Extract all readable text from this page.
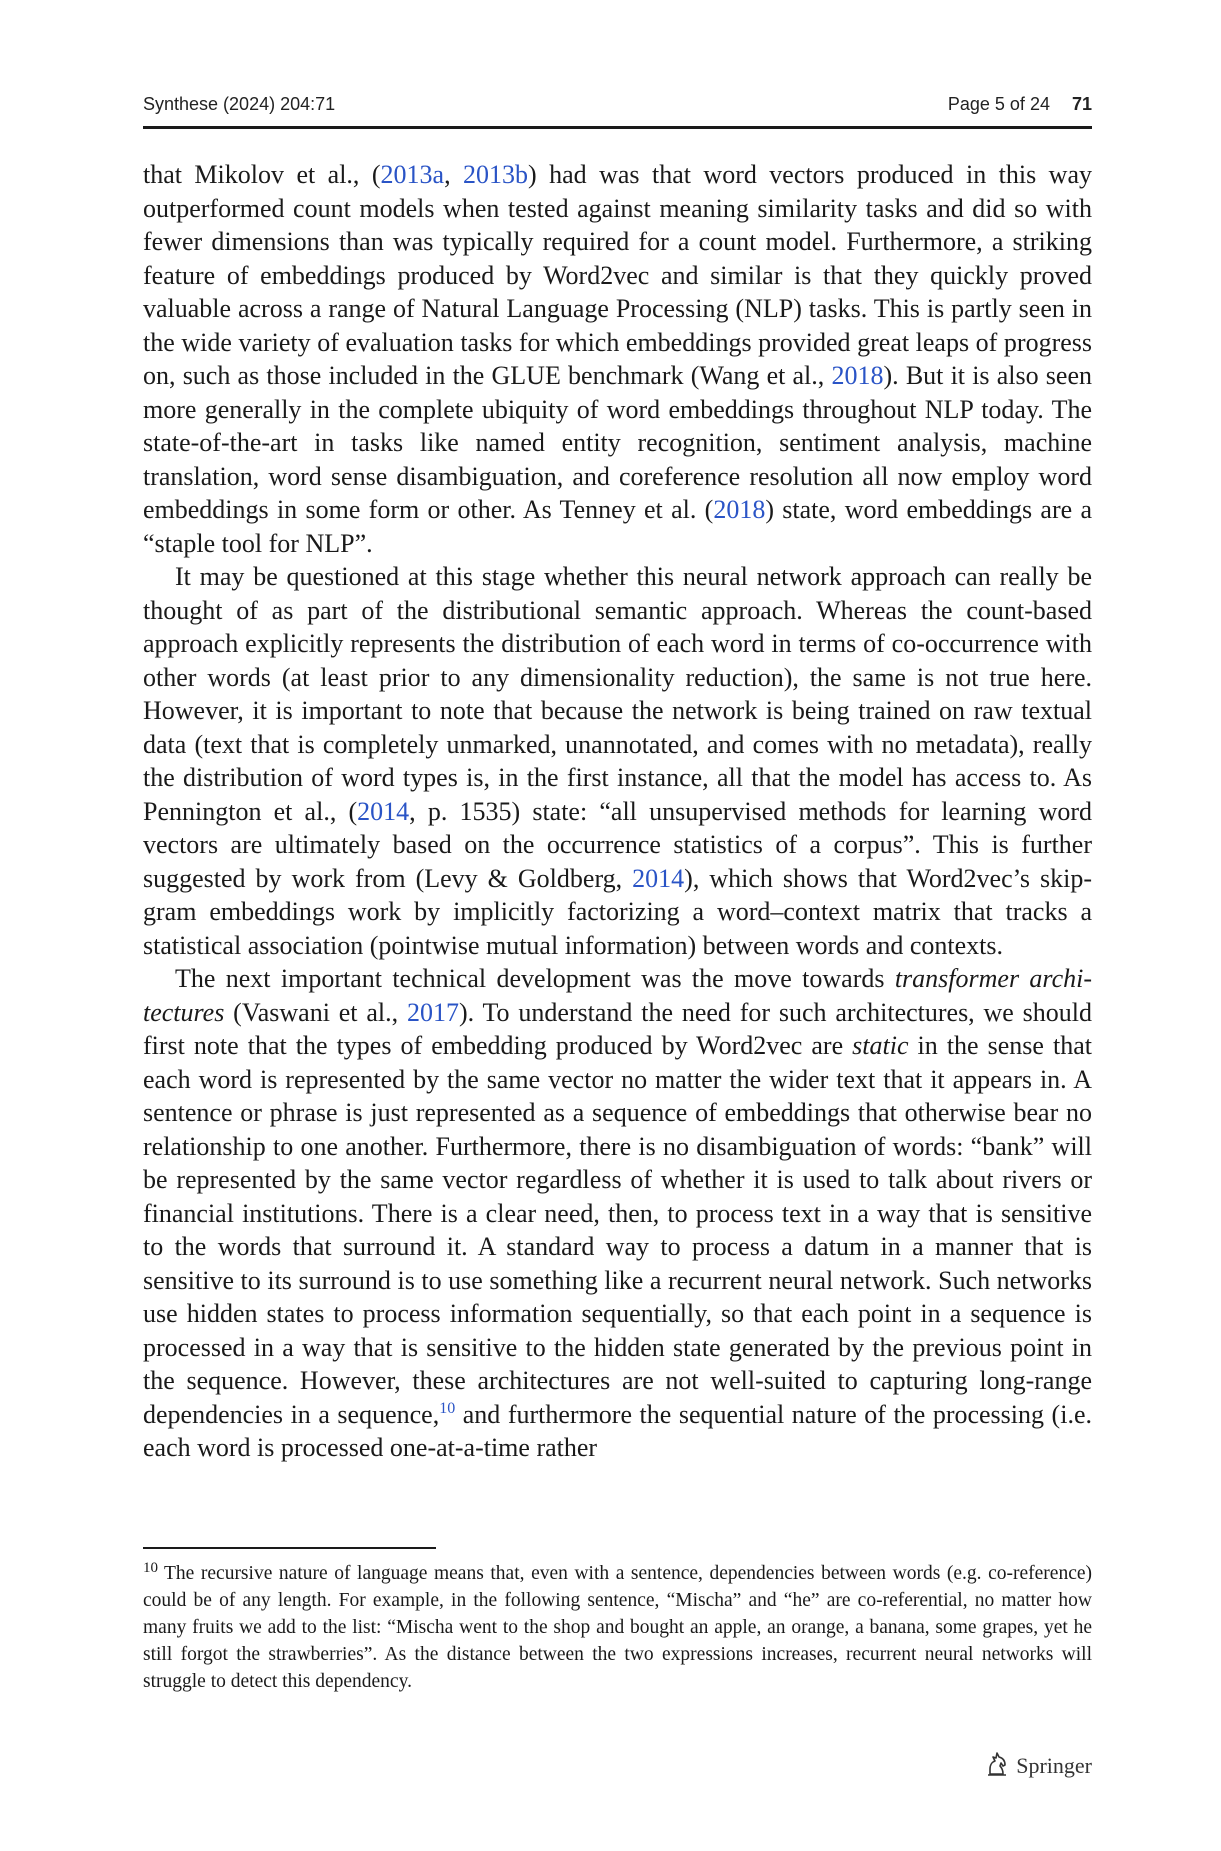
Synthese (2024) 204:71	Page 5 of 24 71

that Mikolov et al., (2013a, 2013b) had was that word vectors produced in this way outperformed count models when tested against meaning similarity tasks and did so with fewer dimensions than was typically required for a count model. Furthermore, a striking feature of embeddings produced by Word2vec and similar is that they quickly proved valuable across a range of Natural Language Processing (NLP) tasks. This is partly seen in the wide variety of evaluation tasks for which embeddings provided great leaps of progress on, such as those included in the GLUE benchmark (Wang et al., 2018). But it is also seen more generally in the complete ubiquity of word embeddings throughout NLP today. The state-of-the-art in tasks like named entity recognition, sentiment analysis, machine translation, word sense disambiguation, and coreference resolution all now employ word embeddings in some form or other. As Tenney et al. (2018) state, word embeddings are a “staple tool for NLP”.

It may be questioned at this stage whether this neural network approach can really be thought of as part of the distributional semantic approach. Whereas the count-based approach explicitly represents the distribution of each word in terms of co-occurrence with other words (at least prior to any dimensionality reduction), the same is not true here. However, it is important to note that because the network is being trained on raw textual data (text that is completely unmarked, unannotated, and comes with no metadata), really the distribution of word types is, in the first instance, all that the model has access to. As Pennington et al., (2014, p. 1535) state: “all unsupervised methods for learning word vectors are ultimately based on the occurrence statistics of a corpus”. This is further suggested by work from (Levy & Goldberg, 2014), which shows that Word2vec’s skip-gram embeddings work by implicitly factorizing a word–context matrix that tracks a statistical association (pointwise mutual information) between words and contexts.

The next important technical development was the move towards transformer architectures (Vaswani et al., 2017). To understand the need for such architectures, we should first note that the types of embedding produced by Word2vec are static in the sense that each word is represented by the same vector no matter the wider text that it appears in. A sentence or phrase is just represented as a sequence of embeddings that otherwise bear no relationship to one another. Furthermore, there is no disambiguation of words: “bank” will be represented by the same vector regardless of whether it is used to talk about rivers or financial institutions. There is a clear need, then, to process text in a way that is sensitive to the words that surround it. A standard way to process a datum in a manner that is sensitive to its surround is to use something like a recurrent neural network. Such networks use hidden states to process information sequentially, so that each point in a sequence is processed in a way that is sensitive to the hidden state generated by the previous point in the sequence. However, these architectures are not well-suited to capturing long-range dependencies in a sequence,$^{10}$ and furthermore the sequential nature of the processing (i.e. each word is processed one-at-a-time rather

$^{10}$ The recursive nature of language means that, even with a sentence, dependencies between words (e.g. co-reference) could be of any length. For example, in the following sentence, “Mischa” and “he” are co-referential, no matter how many fruits we add to the list: “Mischa went to the shop and bought an apple, an orange, a banana, some grapes, yet he still forgot the strawberries”. As the distance between the two expressions increases, recurrent neural networks will struggle to detect this dependency.
Springer
